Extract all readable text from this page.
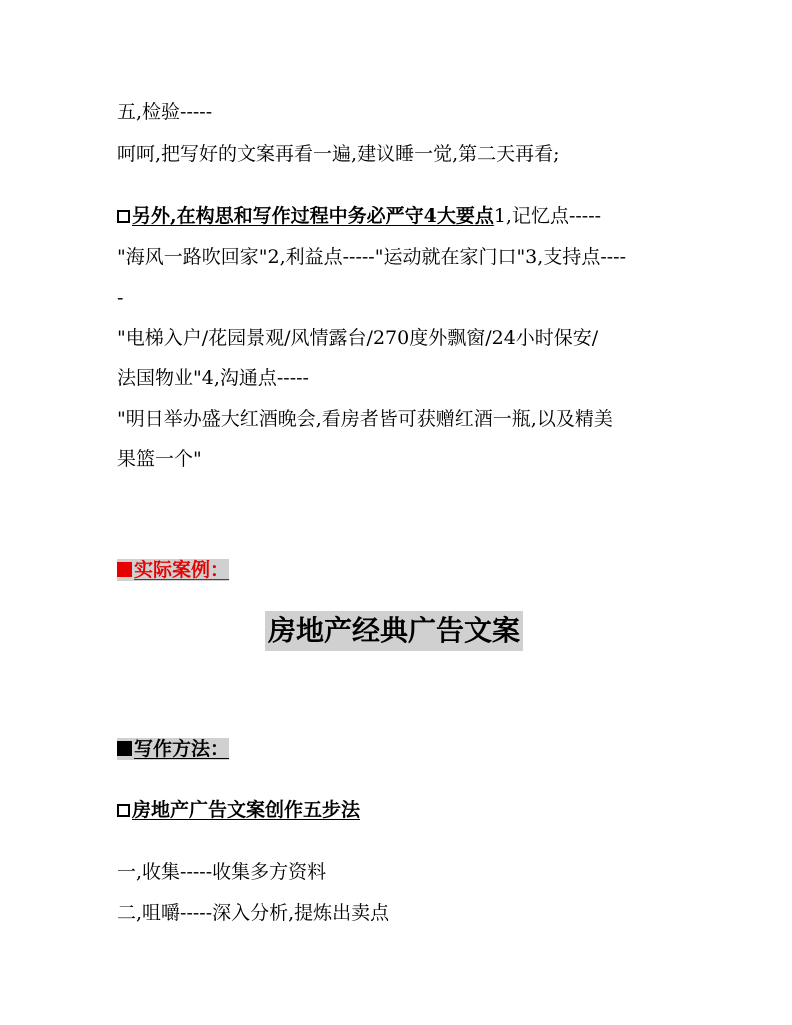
五,检验-----
呵呵,把写好的文案再看一遍,建议睡一觉,第二天再看;
另外,在构思和写作过程中务必严守4大要点1,记忆点-----
"海风一路吹回家"2,利益点-----"运动就在家门口"3,支持点----
-
"电梯入户/花园景观/风情露台/270度外飘窗/24小时保安/
法国物业"4,沟通点-----
"明日举办盛大红酒晚会,看房者皆可获赠红酒一瓶,以及精美
果篮一个"
实际案例：
房地产经典广告文案
写作方法：
房地产广告文案创作五步法
一,收集-----收集多方资料
二,咀嚼-----深入分析,提炼出卖点
